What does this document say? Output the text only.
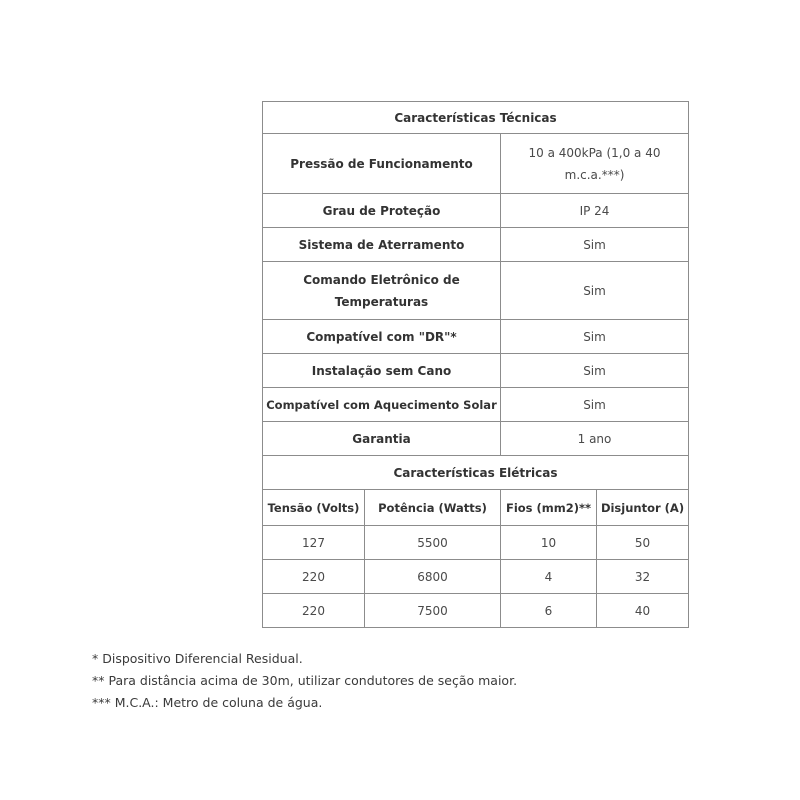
Características Técnicas			
Pressão de Funcionamento		10 a 400kPa (1,0 a 40 m.c.a.***)	
Grau de Proteção		IP 24	
Sistema de Aterramento		Sim	
Comando Eletrônico de Temperaturas		Sim	
Compatível com "DR"*		Sim	
Instalação sem Cano		Sim	
Compatível com Aquecimento Solar		Sim	
Garantia		1 ano	
Características Elétricas			
Tensão (Volts)	Potência (Watts)	Fios (mm2)**	Disjuntor (A)
127	5500	10	50
220	6800	4	32
220	7500	6	40
* Dispositivo Diferencial Residual.
** Para distância acima de 30m, utilizar condutores de seção maior.
*** M.C.A.: Metro de coluna de água.
